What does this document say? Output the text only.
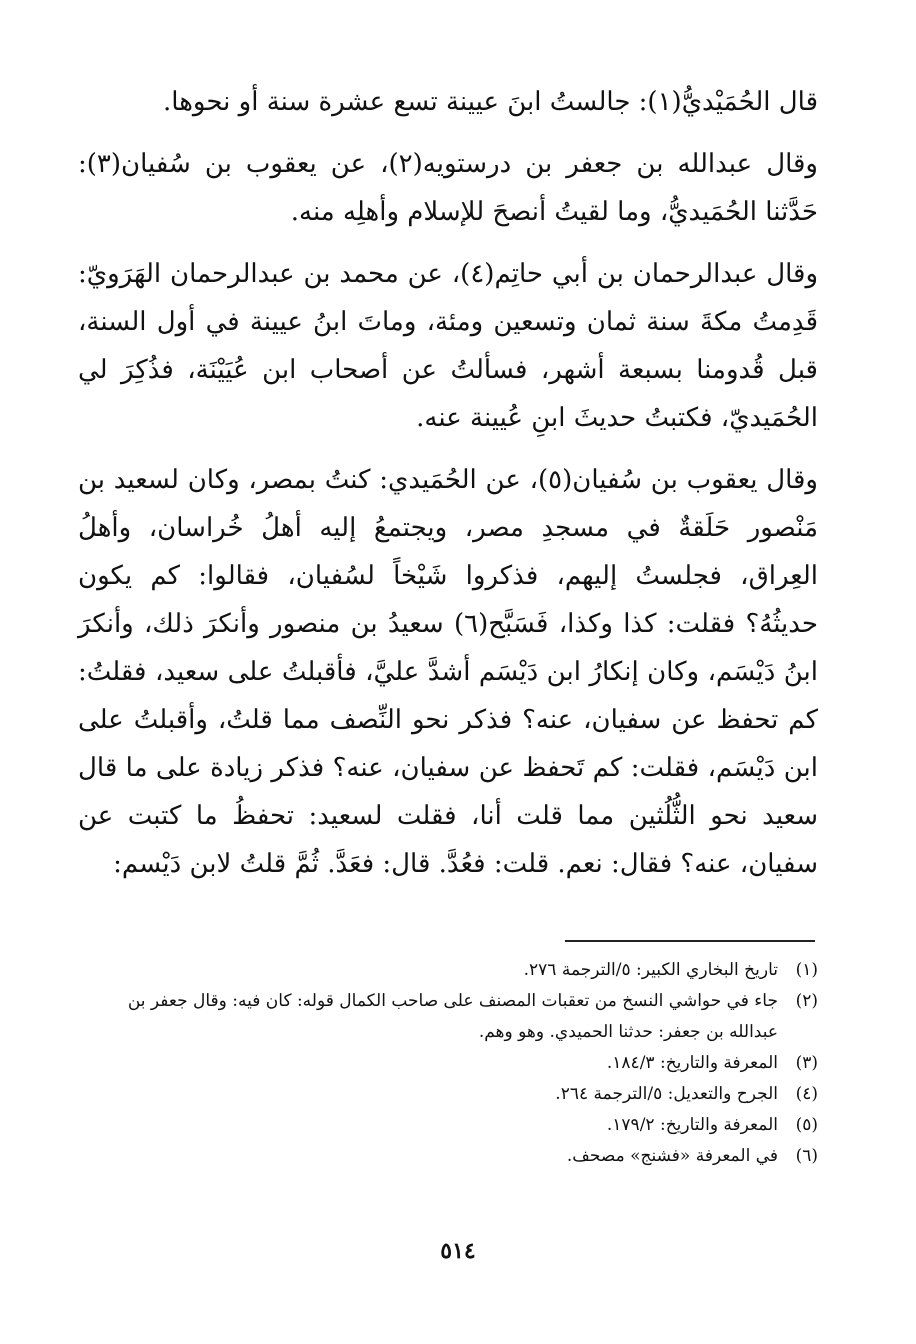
قال الحُمَيْديُّ(١): جالستُ ابنَ عيينة تسع عشرة سنة أو نحوها.

وقال عبدالله بن جعفر بن درستويه(٢)، عن يعقوب بن سُفيان(٣): حَدَّثنا الحُمَيديُّ، وما لقيتُ أنصحَ للإسلام وأهلِه منه.

وقال عبدالرحمان بن أبي حاتِم(٤)، عن محمد بن عبدالرحمان الهَرَويّ: قَدِمتُ مكةَ سنة ثمان وتسعين ومئة، وماتَ ابنُ عيينة في أول السنة، قبل قُدومنا بسبعة أشهر، فسألتُ عن أصحاب ابن عُيَيْنَة، فذُكِرَ لي الحُمَيديّ، فكتبتُ حديثَ ابنِ عُيينة عنه.

وقال يعقوب بن سُفيان(٥)، عن الحُمَيدي: كنتُ بمصر، وكان لسعيد بن مَنْصور حَلَقةٌ في مسجدِ مصر، ويجتمعُ إليه أهلُ خُراسان، وأهلُ العِراق، فجلستُ إليهم، فذكروا شَيْخاً لسُفيان، فقالوا: كم يكون حديثُهُ؟ فقلت: كذا وكذا، فَسَبَّح(٦) سعيدُ بن منصور وأنكرَ ذلك، وأنكرَ ابنُ دَيْسَم، وكان إنكارُ ابن دَيْسَم أشدَّ عليَّ، فأقبلتُ على سعيد، فقلتُ: كم تحفظ عن سفيان، عنه؟ فذكر نحو النِّصف مما قلتُ، وأقبلتُ على ابن دَيْسَم، فقلت: كم تَحفظ عن سفيان، عنه؟ فذكر زيادة على ما قال سعيد نحو الثُّلُثين مما قلت أنا، فقلت لسعيد: تحفظُ ما كتبت عن سفيان، عنه؟ فقال: نعم. قلت: فعُدَّ. قال: فعَدَّ. ثُمَّ قلتُ لابن دَيْسم:

(١)
تاريخ البخاري الكبير: ٥/الترجمة ٢٧٦.
(٢)
جاء في حواشي النسخ من تعقبات المصنف على صاحب الكمال قوله: كان فيه: وقال جعفر بن عبدالله بن جعفر: حدثنا الحميدي. وهو وهم.
(٣)
المعرفة والتاريخ: ١٨٤/٣.
(٤)
الجرح والتعديل: ٥/الترجمة ٢٦٤.
(٥)
المعرفة والتاريخ: ١٧٩/٢.
(٦)
في المعرفة «فشنج» مصحف.
٥١٤
